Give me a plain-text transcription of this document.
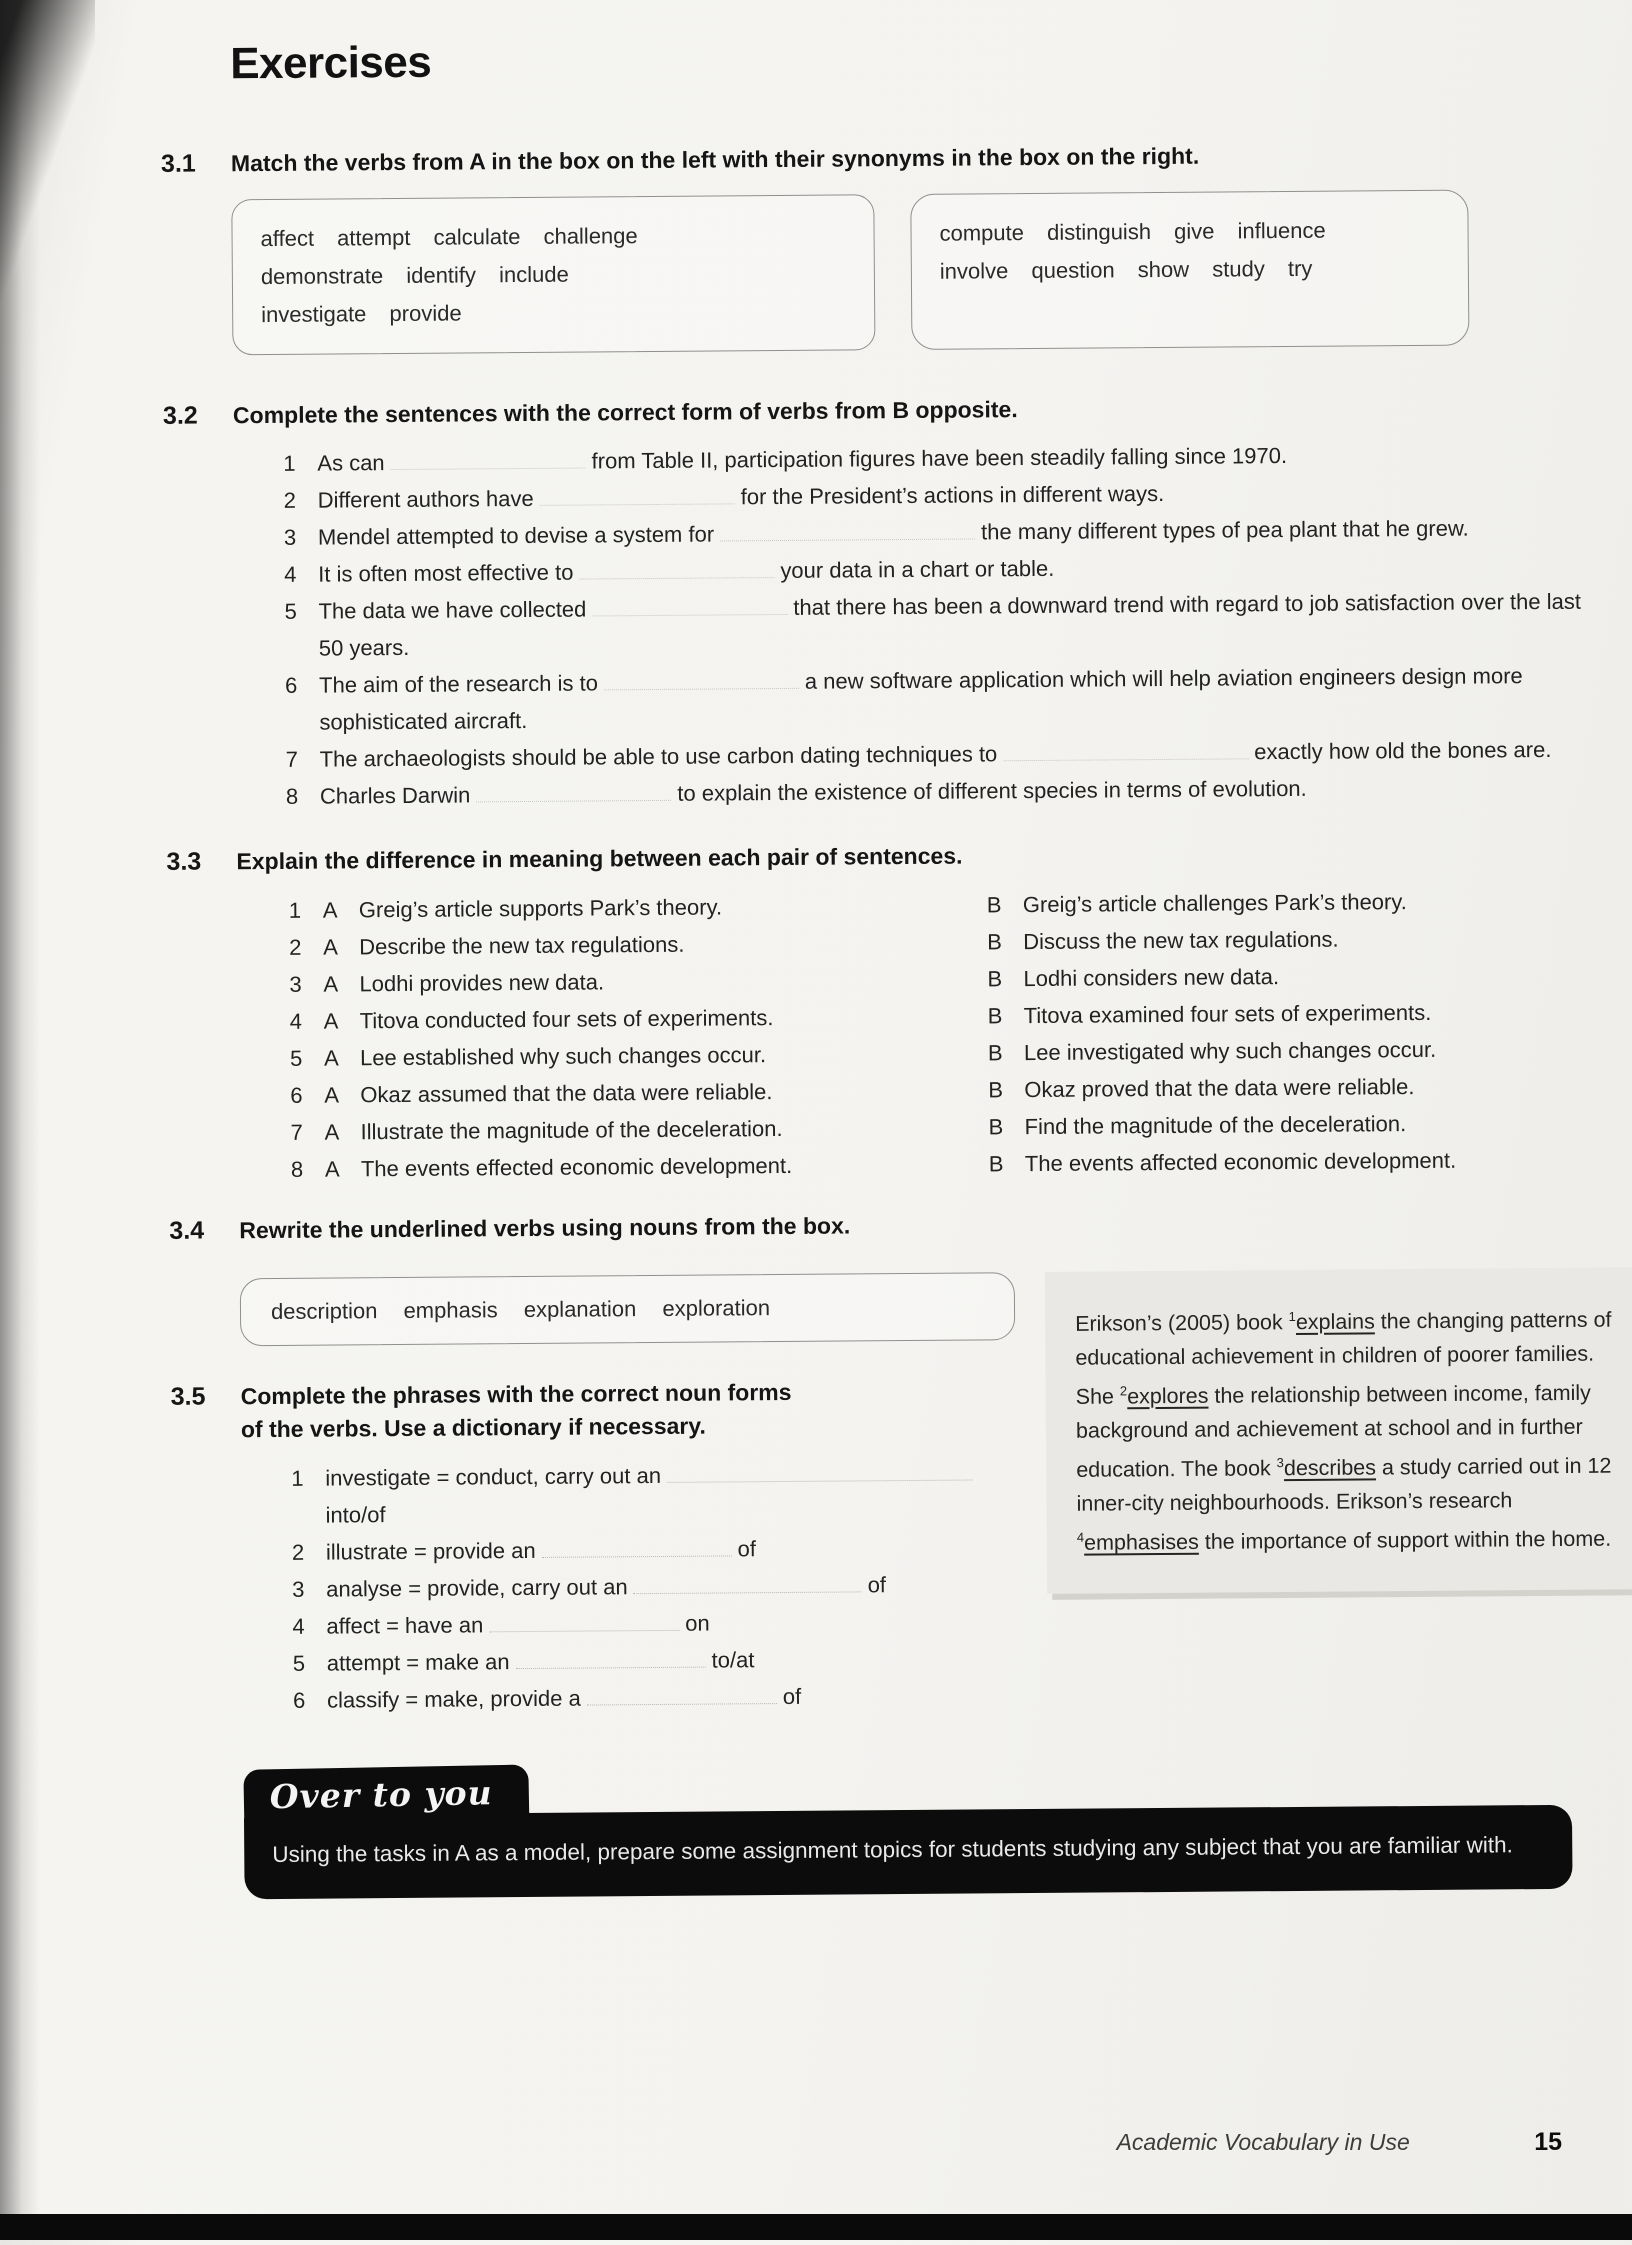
Exercises
3.1	Match the verbs from A in the box on the left with their synonyms in the box on the right.

affect attempt calculate challenge
demonstrate identify include
investigate provide
compute distinguish give influence
involve question show study try
3.2	Complete the sentences with the correct form of verbs from B opposite.

1 As can	from Table II, participation figures have been steadily falling since 1970.
2 Different authors have	for the President’s actions in different ways.
3 Mendel attempted to devise a system for	the many different types of pea plant that he grew.
4 It is often most effective to	your data in a chart or table.
5 The data we have collected	that there has been a downward trend with regard to job satisfaction over the last 50 years.
6 The aim of the research is to	a new software application which will help aviation engineers design more sophisticated aircraft.
7 The archaeologists should be able to use carbon dating techniques to	exactly how old the bones are.
8 Charles Darwin	to explain the existence of different species in terms of evolution.
3.3	Explain the difference in meaning between each pair of sentences.

1 A Greig’s article supports Park’s theory.	B Greig’s article challenges Park’s theory.
2 A Describe the new tax regulations.	B Discuss the new tax regulations.
3 A Lodhi provides new data.	B Lodhi considers new data.
4 A Titova conducted four sets of experiments.	B Titova examined four sets of experiments.
5 A Lee established why such changes occur.	B Lee investigated why such changes occur.
6 A Okaz assumed that the data were reliable.	B Okaz proved that the data were reliable.
7 A Illustrate the magnitude of the deceleration.	B Find the magnitude of the deceleration.
8 A The events effected economic development.	B The events affected economic development.
3.4	Rewrite the underlined verbs using nouns from the box.

description emphasis explanation exploration
3.5	Complete the phrases with the correct noun forms of the verbs. Use a dictionary if necessary.

1 investigate = conduct, carry out aninto/of
2 illustrate = provide an	of
3 analyse = provide, carry out an	of
4 affect = have an	on
5 attempt = make an	to/at
6 classify = make, provide a	of
Erikson’s (2005) book $^1$explains the changing patterns of educational achievement in children of poorer families. She $^2$explores the relationship between income, family background and achievement at school and in further education. The book $^3$describes a study carried out in 12 inner-city neighbourhoods. Erikson’s research $^4$emphasises the importance of support within the home.
Over to you
Using the tasks in A as a model, prepare some assignment topics for students studying any subject that you are familiar with.
Academic Vocabulary in Use	15
